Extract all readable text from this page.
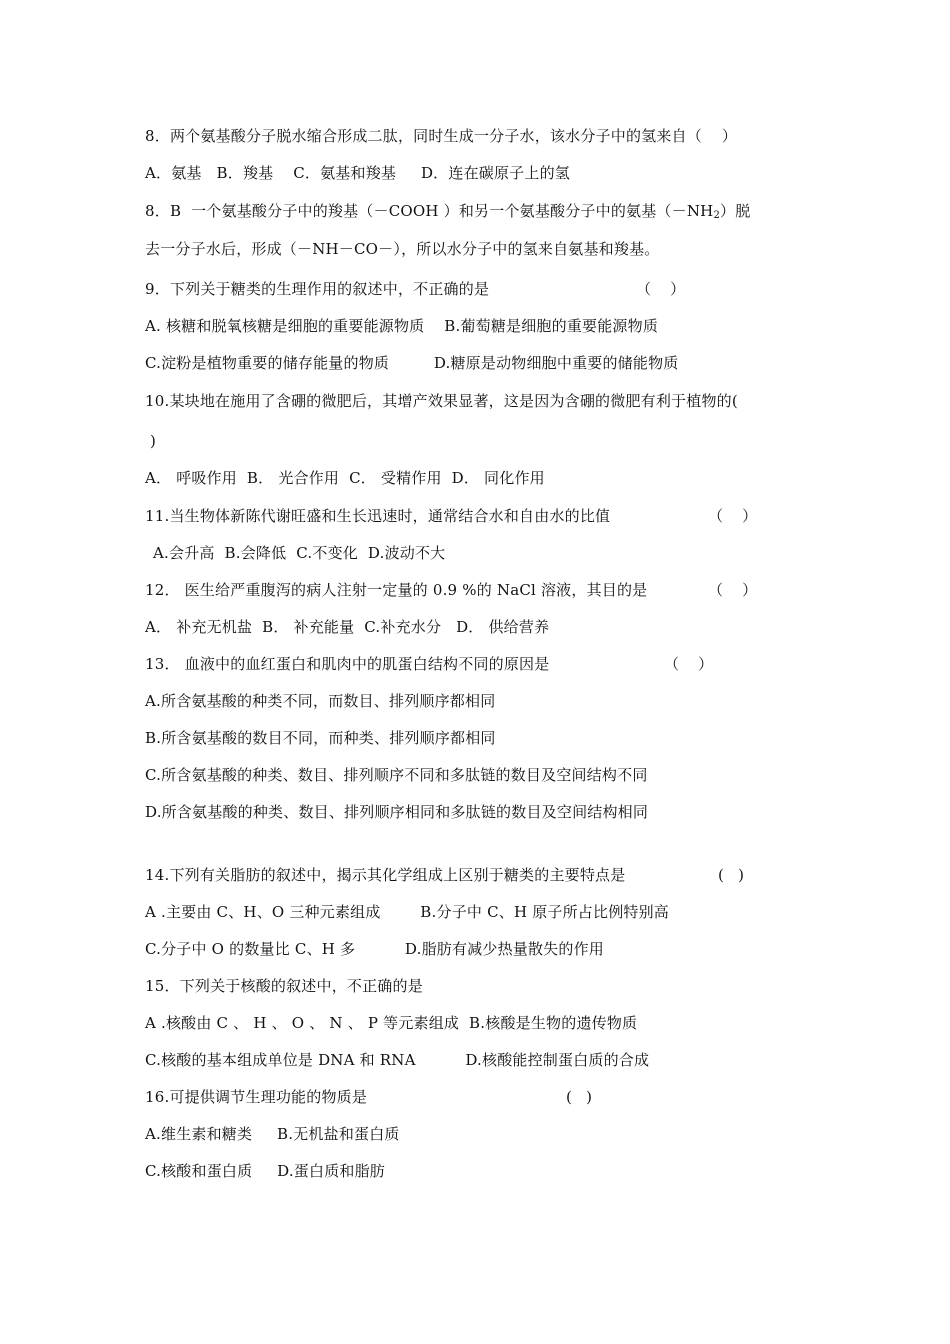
8．两个氨基酸分子脱水缩合形成二肽，同时生成一分子水，该水分子中的氢来自（    ）
A．氨基   B．羧基    C．氨基和羧基     D．连在碳原子上的氢
8．B  一个氨基酸分子中的羧基（－COOH ）和另一个氨基酸分子中的氨基$(-NH_2)$脱
去一分子水后，形成（－NH－CO－），所以水分子中的氢来自氨基和羧基。
9．下列关于糖类的生理作用的叙述中，不正确的是	（    ）
A. 核糖和脱氧核糖是细胞的重要能源物质    B.葡萄糖是细胞的重要能源物质
C.淀粉是植物重要的储存能量的物质         D.糖原是动物细胞中重要的储能物质
10.某块地在施用了含硼的微肥后，其增产效果显著，这是因为含硼的微肥有利于植物的(
)
A． 呼吸作用  B． 光合作用  C． 受精作用  D． 同化作用
11.当生物体新陈代谢旺盛和生长迅速时，通常结合水和自由水的比值	（    ）
A.会升高  B.会降低  C.不变化  D.波动不大
12． 医生给严重腹泻的病人注射一定量的 0.9 %的 NaCl 溶液，其目的是	（    ）
A． 补充无机盐  B． 补充能量  C.补充水分   D． 供给营养
13． 血液中的血红蛋白和肌肉中的肌蛋白结构不同的原因是	（    ）
A.所含氨基酸的种类不同，而数目、排列顺序都相同
B.所含氨基酸的数目不同，而种类、排列顺序都相同
C.所含氨基酸的种类、数目、排列顺序不同和多肽链的数目及空间结构不同
D.所含氨基酸的种类、数目、排列顺序相同和多肽链的数目及空间结构相同
14.下列有关脂肪的叙述中，揭示其化学组成上区别于糖类的主要特点是	(   )
A .主要由 C、H、O 三种元素组成        B.分子中 C、H 原子所占比例特别高
C.分子中 O 的数量比 C、H 多          D.脂肪有减少热量散失的作用
15．下列关于核酸的叙述中，不正确的是
A .核酸由 C 、 H 、 O 、 N 、 P 等元素组成  B.核酸是生物的遗传物质
C.核酸的基本组成单位是 DNA 和 RNA          D.核酸能控制蛋白质的合成
16.可提供调节生理功能的物质是	(   )
A.维生素和糖类     B.无机盐和蛋白质
C.核酸和蛋白质     D.蛋白质和脂肪
